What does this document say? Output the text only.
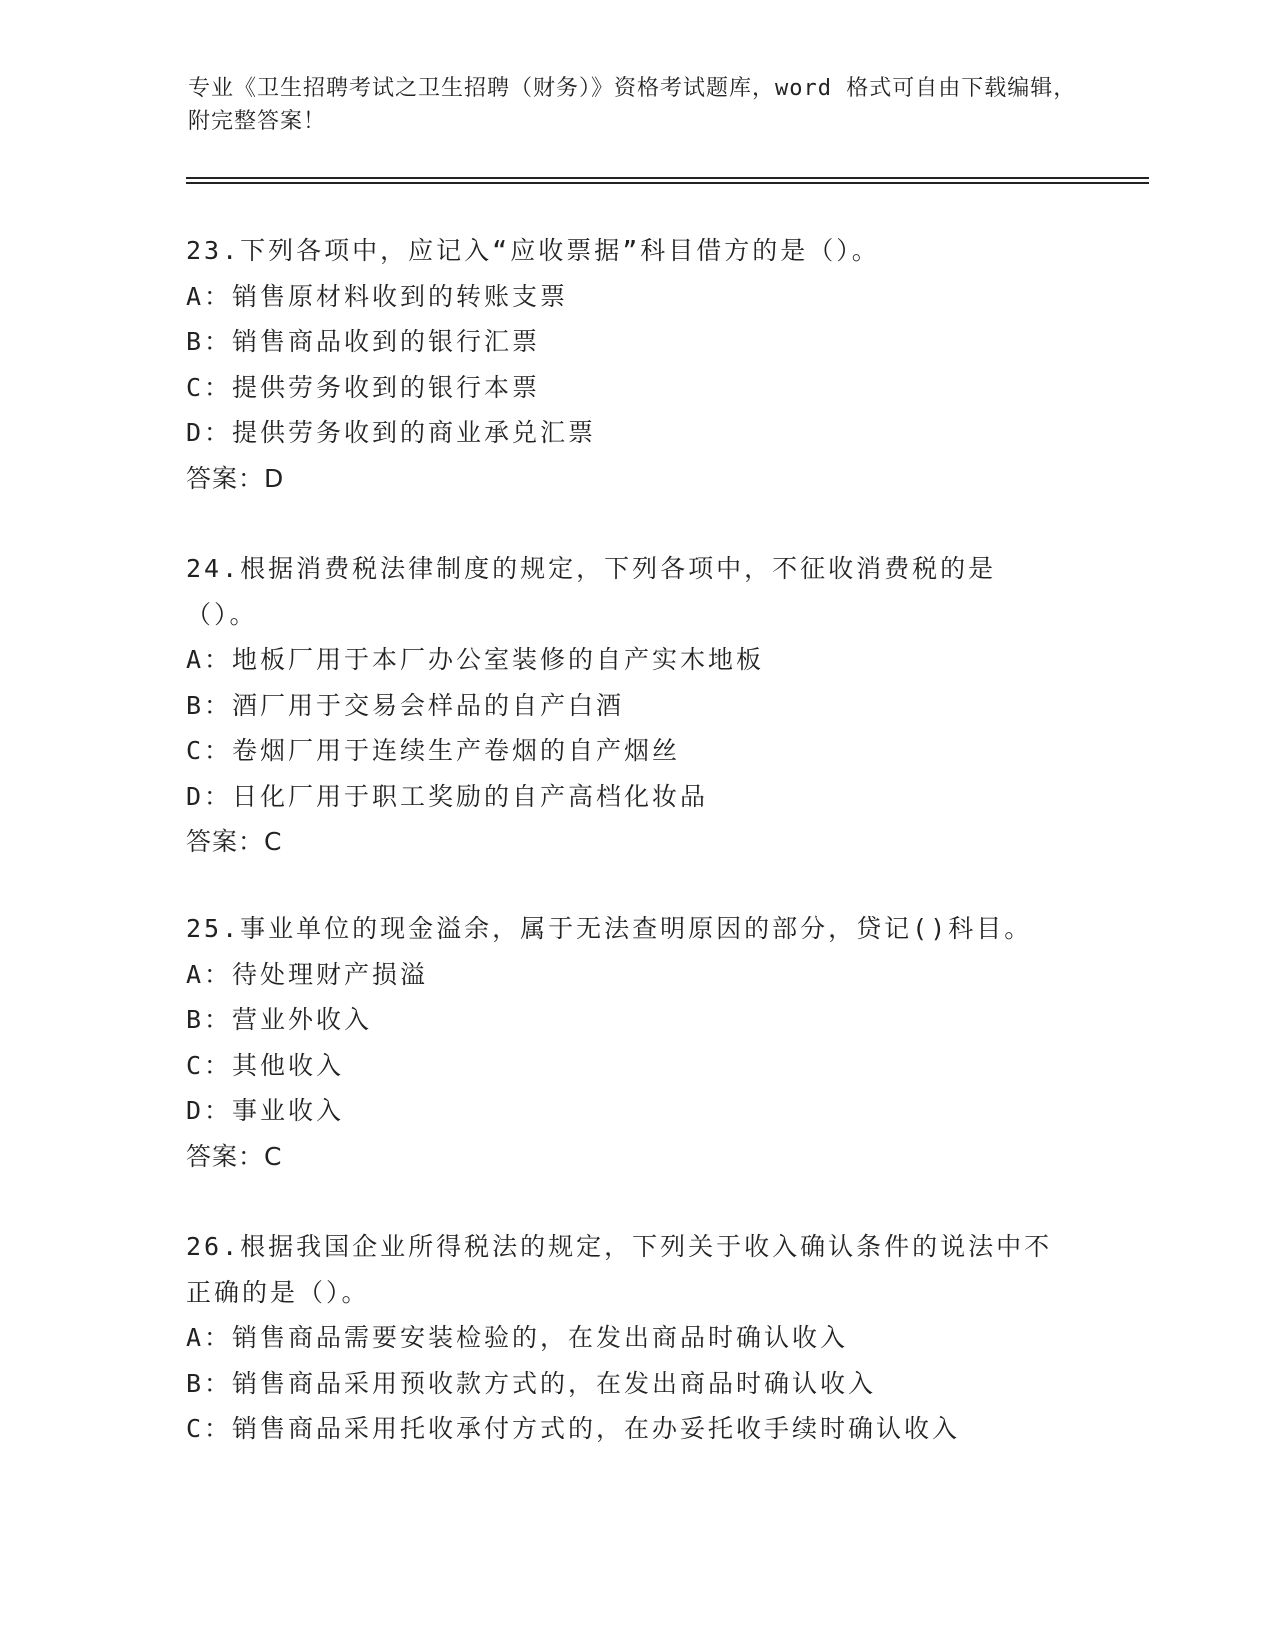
专业《卫生招聘考试之卫生招聘（财务）》资格考试题库，word 格式可自由下载编辑，附完整答案！
23.下列各项中，应记入“应收票据”科目借方的是（）。
A：销售原材料收到的转账支票
B：销售商品收到的银行汇票
C：提供劳务收到的银行本票
D：提供劳务收到的商业承兑汇票
答案：D
24.根据消费税法律制度的规定，下列各项中，不征收消费税的是（）。
A：地板厂用于本厂办公室装修的自产实木地板
B：酒厂用于交易会样品的自产白酒
C：卷烟厂用于连续生产卷烟的自产烟丝
D：日化厂用于职工奖励的自产高档化妆品
答案：C
25.事业单位的现金溢余，属于无法查明原因的部分，贷记()科目。
A：待处理财产损溢
B：营业外收入
C：其他收入
D：事业收入
答案：C
26.根据我国企业所得税法的规定，下列关于收入确认条件的说法中不正确的是（）。
A：销售商品需要安装检验的，在发出商品时确认收入
B：销售商品采用预收款方式的，在发出商品时确认收入
C：销售商品采用托收承付方式的，在办妥托收手续时确认收入
